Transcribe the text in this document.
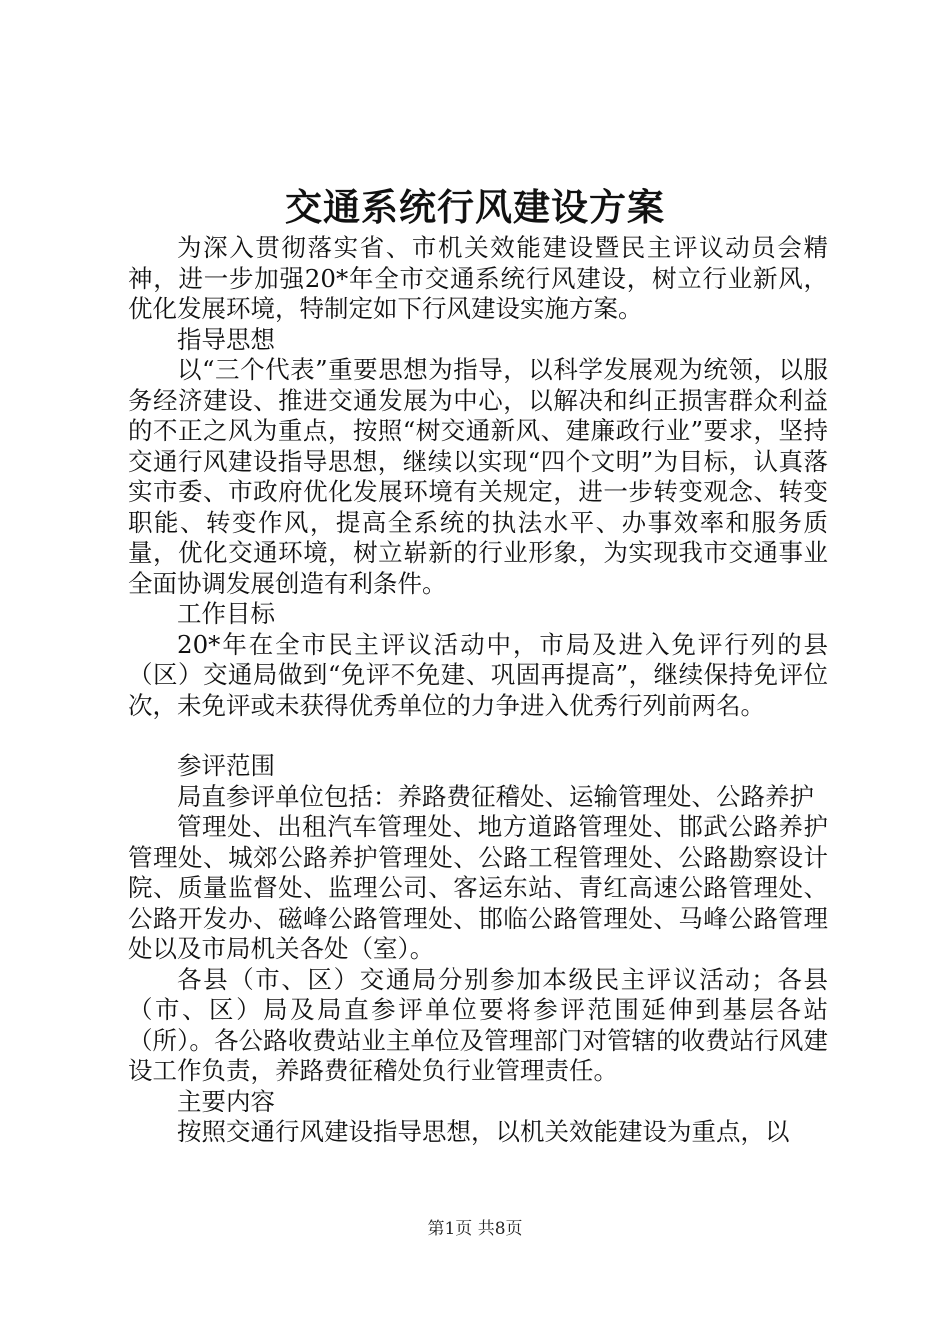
交通系统行风建设方案

为深入贯彻落实省、市机关效能建设暨民主评议动员会精神，进一步加强20*年全市交通系统行风建设，树立行业新风，优化发展环境，特制定如下行风建设实施方案。

指导思想

以“三个代表”重要思想为指导，以科学发展观为统领，以服务经济建设、推进交通发展为中心，以解决和纠正损害群众利益的不正之风为重点，按照“树交通新风、建廉政行业”要求，坚持交通行风建设指导思想，继续以实现“四个文明”为目标，认真落实市委、市政府优化发展环境有关规定，进一步转变观念、转变职能、转变作风，提高全系统的执法水平、办事效率和服务质量，优化交通环境，树立崭新的行业形象，为实现我市交通事业全面协调发展创造有利条件。

工作目标

20*年在全市民主评议活动中，市局及进入免评行列的县（区）交通局做到“免评不免建、巩固再提高”，继续保持免评位次，未免评或未获得优秀单位的力争进入优秀行列前两名。

参评范围

局直参评单位包括：养路费征稽处、运输管理处、公路养护

管理处、出租汽车管理处、地方道路管理处、邯武公路养护管理处、城郊公路养护管理处、公路工程管理处、公路勘察设计院、质量监督处、监理公司、客运东站、青红高速公路管理处、公路开发办、磁峰公路管理处、邯临公路管理处、马峰公路管理处以及市局机关各处（室）。

各县（市、区）交通局分别参加本级民主评议活动；各县（市、区）局及局直参评单位要将参评范围延伸到基层各站（所）。各公路收费站业主单位及管理部门对管辖的收费站行风建设工作负责，养路费征稽处负行业管理责任。

主要内容

按照交通行风建设指导思想，以机关效能建设为重点，以

第1页 共8页
